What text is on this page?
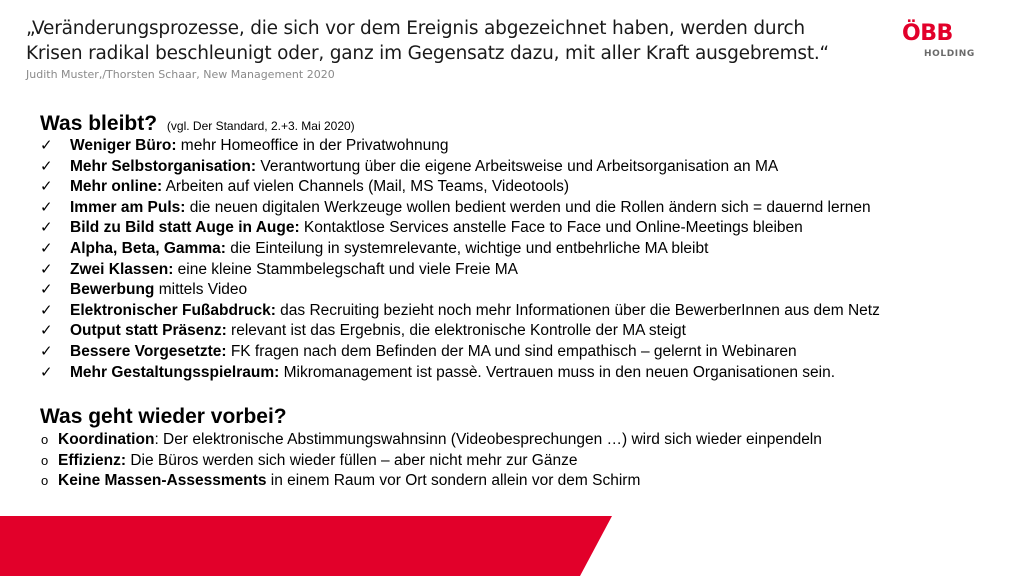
„Veränderungsprozesse, die sich vor dem Ereignis abgezeichnet haben, werden durch
Krisen radikal beschleunigt oder, ganz im Gegensatz dazu, mit aller Kraft ausgebremst.“
Judith Muster,/Thorsten Schaar, New Management 2020
ÖBB
HOLDING
Was bleibt? (vgl. Der Standard, 2.+3. Mai 2020)
✓ Weniger Büro: mehr Homeoffice in der Privatwohnung
✓ Mehr Selbstorganisation: Verantwortung über die eigene Arbeitsweise und Arbeitsorganisation an MA
✓ Mehr online: Arbeiten auf vielen Channels (Mail, MS Teams, Videotools)
✓ Immer am Puls: die neuen digitalen Werkzeuge wollen bedient werden und die Rollen ändern sich = dauernd lernen
✓ Bild zu Bild statt Auge in Auge: Kontaktlose Services anstelle Face to Face und Online-Meetings bleiben
✓ Alpha, Beta, Gamma: die Einteilung in systemrelevante, wichtige und entbehrliche MA bleibt
✓ Zwei Klassen: eine kleine Stammbelegschaft und viele Freie MA
✓ Bewerbung mittels Video
✓ Elektronischer Fußabdruck: das Recruiting bezieht noch mehr Informationen über die BewerberInnen aus dem Netz
✓ Output statt Präsenz: relevant ist das Ergebnis, die elektronische Kontrolle der MA steigt
✓ Bessere Vorgesetzte: FK fragen nach dem Befinden der MA und sind empathisch – gelernt in Webinaren
✓ Mehr Gestaltungsspielraum: Mikromanagement ist passè. Vertrauen muss in den neuen Organisationen sein.
Was geht wieder vorbei?
o Koordination: Der elektronische Abstimmungswahnsinn (Videobesprechungen …) wird sich wieder einpendeln
o Effizienz: Die Büros werden sich wieder füllen – aber nicht mehr zur Gänze
o Keine Massen-Assessments in einem Raum vor Ort sondern allein vor dem Schirm
